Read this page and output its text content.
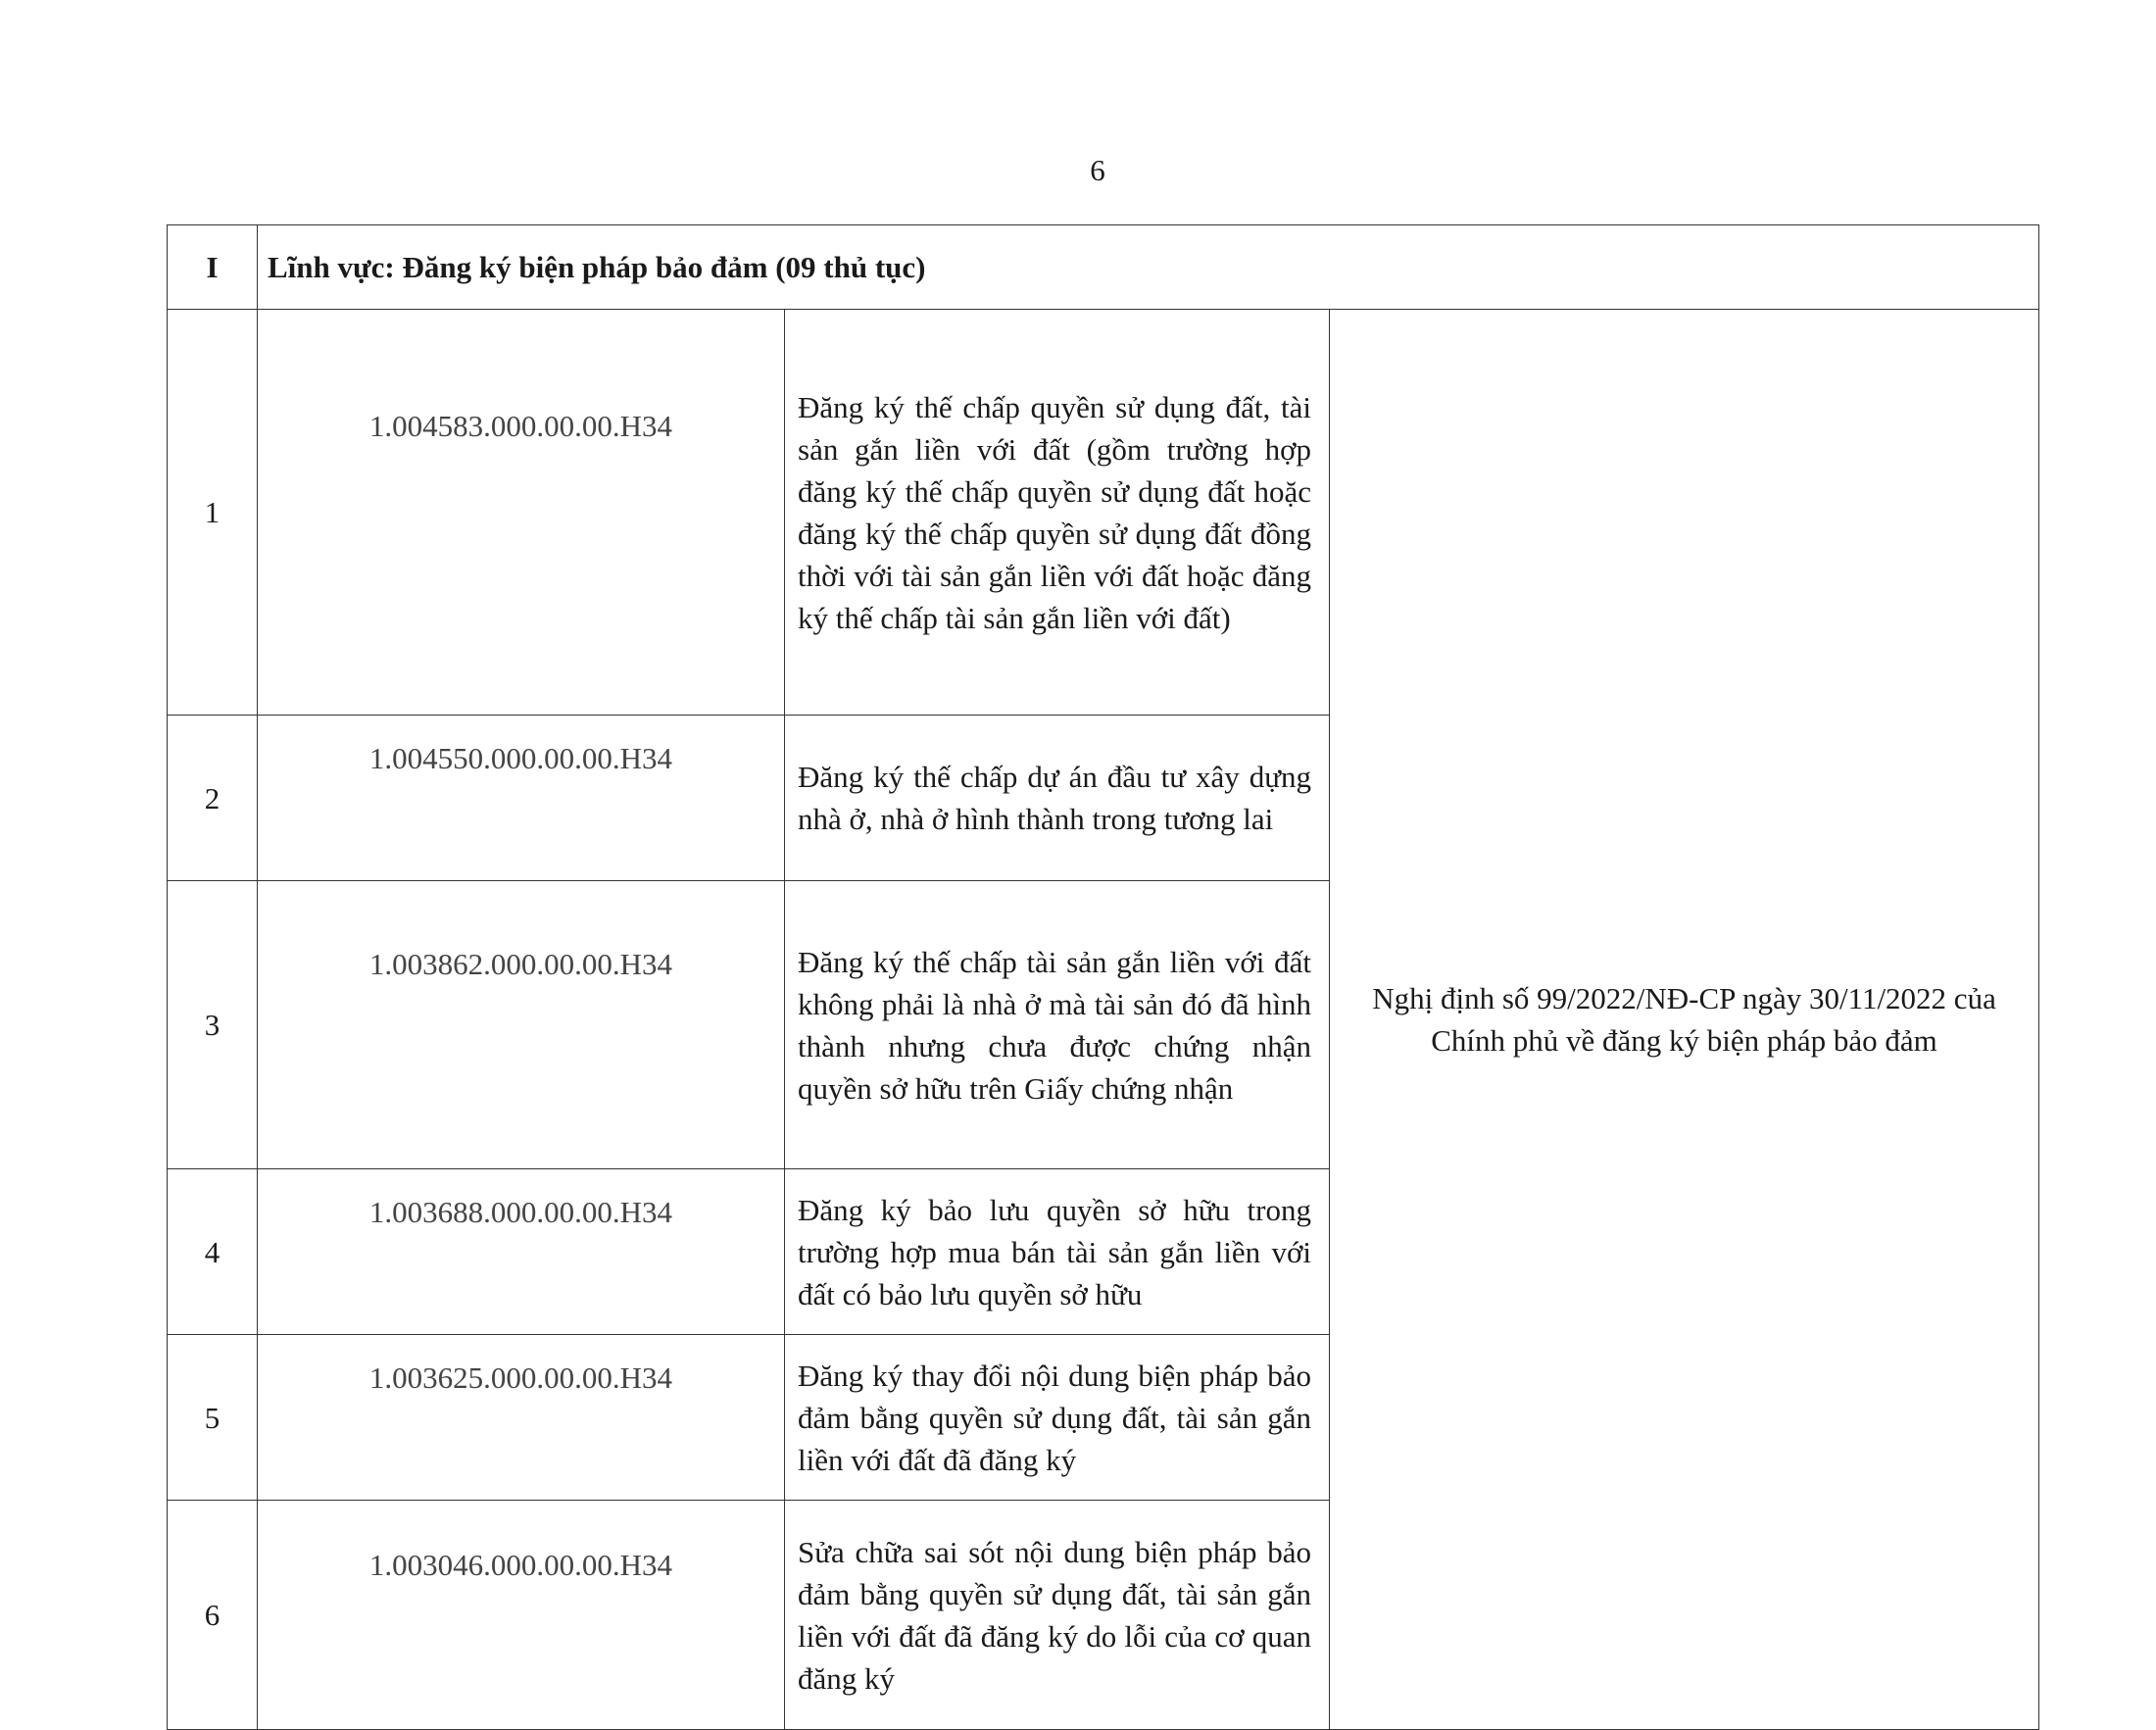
6
I	Lĩnh vực: Đăng ký biện pháp bảo đảm (09 thủ tục)		
1	1.004583.000.00.00.H34	Đăng ký thế chấp quyền sử dụng đất, tài sản gắn liền với đất (gồm trường hợp đăng ký thế chấp quyền sử dụng đất hoặc đăng ký thế chấp quyền sử dụng đất đồng thời với tài sản gắn liền với đất hoặc đăng ký thế chấp tài sản gắn liền với đất)	Nghị định số 99/2022/NĐ-CP ngày 30/11/2022 của Chính phủ về đăng ký biện pháp bảo đảm
2	1.004550.000.00.00.H34	Đăng ký thế chấp dự án đầu tư xây dựng nhà ở, nhà ở hình thành trong tương lai	
3	1.003862.000.00.00.H34	Đăng ký thế chấp tài sản gắn liền với đất không phải là nhà ở mà tài sản đó đã hình thành nhưng chưa được chứng nhận quyền sở hữu trên Giấy chứng nhận	
4	1.003688.000.00.00.H34	Đăng ký bảo lưu quyền sở hữu trong trường hợp mua bán tài sản gắn liền với đất có bảo lưu quyền sở hữu	
5	1.003625.000.00.00.H34	Đăng ký thay đổi nội dung biện pháp bảo đảm bằng quyền sử dụng đất, tài sản gắn liền với đất đã đăng ký	
6	1.003046.000.00.00.H34	Sửa chữa sai sót nội dung biện pháp bảo đảm bằng quyền sử dụng đất, tài sản gắn liền với đất đã đăng ký do lỗi của cơ quan đăng ký	
